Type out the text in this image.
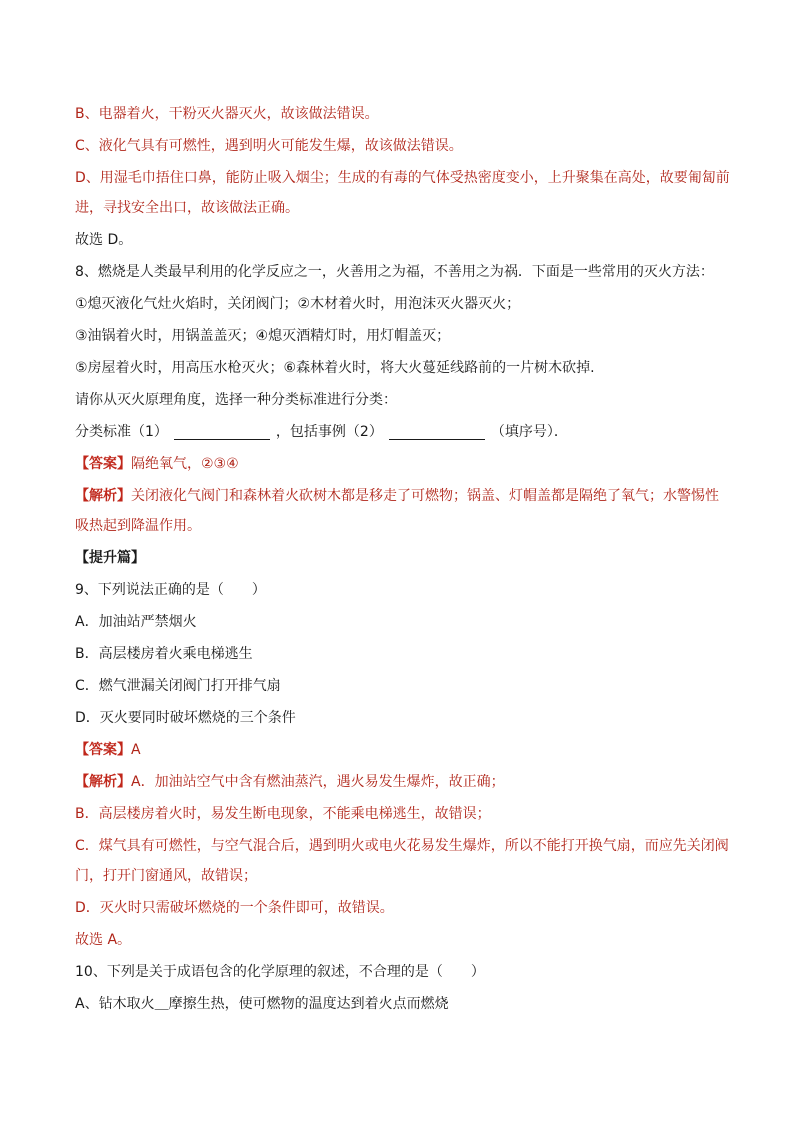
B、电器着火，干粉灭火器灭火，故该做法错误。
C、液化气具有可燃性，遇到明火可能发生爆，故该做法错误。
D、用湿毛巾捂住口鼻，能防止吸入烟尘；生成的有毒的气体受热密度变小，上升聚集在高处，故要匍匐前
进，寻找安全出口，故该做法正确。
故选 D。
8、燃烧是人类最早利用的化学反应之一，火善用之为福，不善用之为祸．下面是一些常用的灭火方法：
①熄灭液化气灶火焰时，关闭阀门；②木材着火时，用泡沫灭火器灭火；
③油锅着火时，用锅盖盖灭；④熄灭酒精灯时，用灯帽盖灭；
⑤房屋着火时，用高压水枪灭火；⑥森林着火时，将大火蔓延线路前的一片树木砍掉.
请你从灭火原理角度，选择一种分类标准进行分类：
分类标准（1）	，包括事例（2）	（填序号）．
【答案】隔绝氧气，②③④
【解析】关闭液化气阀门和森林着火砍树木都是移走了可燃物；锅盖、灯帽盖都是隔绝了氧气；水警惕性
吸热起到降温作用。
【提升篇】
9、下列说法正确的是（　　）
A．加油站严禁烟火
B．高层楼房着火乘电梯逃生
C．燃气泄漏关闭阀门打开排气扇
D．灭火要同时破坏燃烧的三个条件
【答案】A
【解析】A．加油站空气中含有燃油蒸汽，遇火易发生爆炸，故正确；
B．高层楼房着火时，易发生断电现象，不能乘电梯逃生，故错误；
C．煤气具有可燃性，与空气混合后，遇到明火或电火花易发生爆炸，所以不能打开换气扇，而应先关闭阀
门，打开门窗通风，故错误；
D．灭火时只需破坏燃烧的一个条件即可，故错误。
故选 A。
10、下列是关于成语包含的化学原理的叙述，不合理的是（　　）
A、钻木取火＿摩擦生热，使可燃物的温度达到着火点而燃烧
